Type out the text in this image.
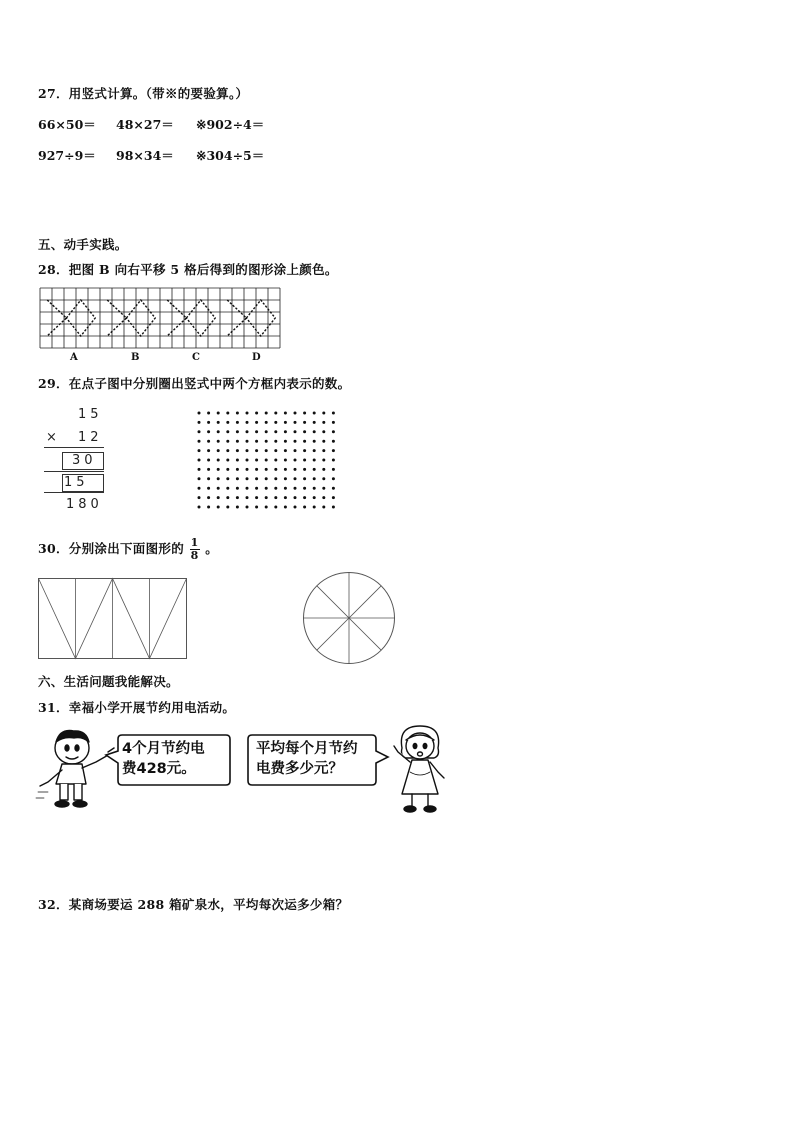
27．用竖式计算。（带※的要验算。）
66×50＝ 48×27＝ ※902÷4＝
927÷9＝ 98×34＝ ※304÷5＝
五、动手实践。
28．把图 B 向右平移 5 格后得到的图形涂上颜色。
A	B	C	D
29．在点子图中分别圈出竖式中两个方框内表示的数。
15
× 12
30
15
180
30．分别涂出下面图形的 $\frac{1}{8}$ 。
六、生活问题我能解决。
31．幸福小学开展节约用电活动。
4个月节约电
费428元。
平均每个月节约
电费多少元？
32．某商场要运 288 箱矿泉水，平均每次运多少箱？
